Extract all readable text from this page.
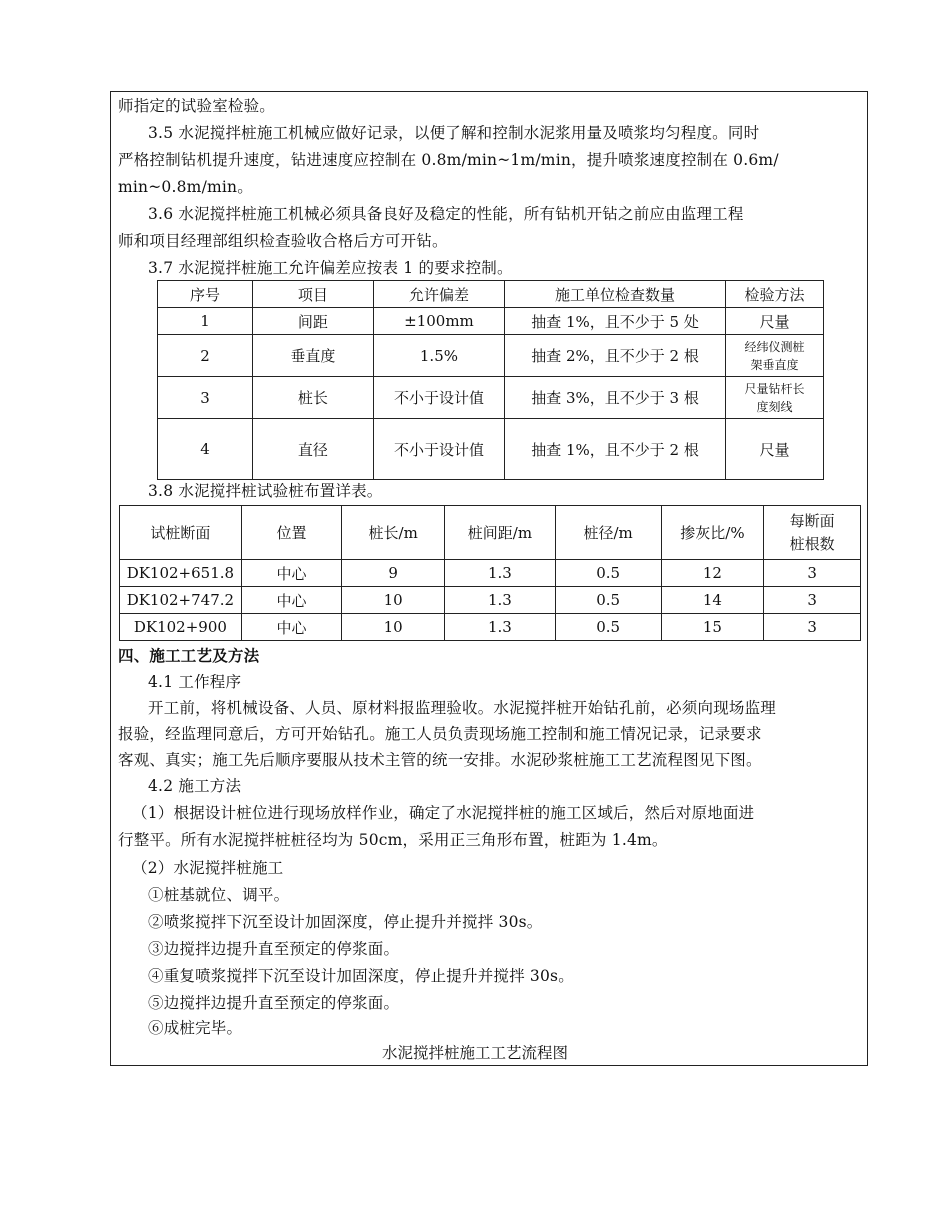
师指定的试验室检验。
3.5 水泥搅拌桩施工机械应做好记录，以便了解和控制水泥浆用量及喷浆均匀程度。同时
严格控制钻机提升速度，钻进速度应控制在 0.8m/min~1m/min，提升喷浆速度控制在 0.6m/
min~0.8m/min。
3.6 水泥搅拌桩施工机械必须具备良好及稳定的性能，所有钻机开钻之前应由监理工程
师和项目经理部组织检查验收合格后方可开钻。
3.7 水泥搅拌桩施工允许偏差应按表 1 的要求控制。
序号	项目	允许偏差	施工单位检查数量	检验方法
1	间距	±100mm	抽查 1%，且不少于 5 处	尺量
2	垂直度	1.5%	抽查 2%，且不少于 2 根	经纬仪测桩
架垂直度

3	桩长	不小于设计值	抽查 3%，且不少于 3 根	尺量钻杆长
度刻线

4	直径	不小于设计值	抽查 1%，且不少于 2 根	尺量
3.8 水泥搅拌桩试验桩布置详表。
试桩断面	位置	桩长/m	桩间距/m	桩径/m	掺灰比/%	每断面
桩根数

DK102+651.8	中心	9	1.3	0.5	12	3
DK102+747.2	中心	10	1.3	0.5	14	3
DK102+900	中心	10	1.3	0.5	15	3
四、施工工艺及方法
4.1 工作程序
开工前，将机械设备、人员、原材料报监理验收。水泥搅拌桩开始钻孔前，必须向现场监理
报验，经监理同意后，方可开始钻孔。施工人员负责现场施工控制和施工情况记录，记录要求
客观、真实；施工先后顺序要服从技术主管的统一安排。水泥砂浆桩施工工艺流程图见下图。
4.2 施工方法
（1）根据设计桩位进行现场放样作业，确定了水泥搅拌桩的施工区域后，然后对原地面进
行整平。所有水泥搅拌桩桩径均为 50cm，采用正三角形布置，桩距为 1.4m。
（2）水泥搅拌桩施工
①桩基就位、调平。
②喷浆搅拌下沉至设计加固深度，停止提升并搅拌 30s。
③边搅拌边提升直至预定的停浆面。
④重复喷浆搅拌下沉至设计加固深度，停止提升并搅拌 30s。
⑤边搅拌边提升直至预定的停浆面。
⑥成桩完毕。
水泥搅拌桩施工工艺流程图
